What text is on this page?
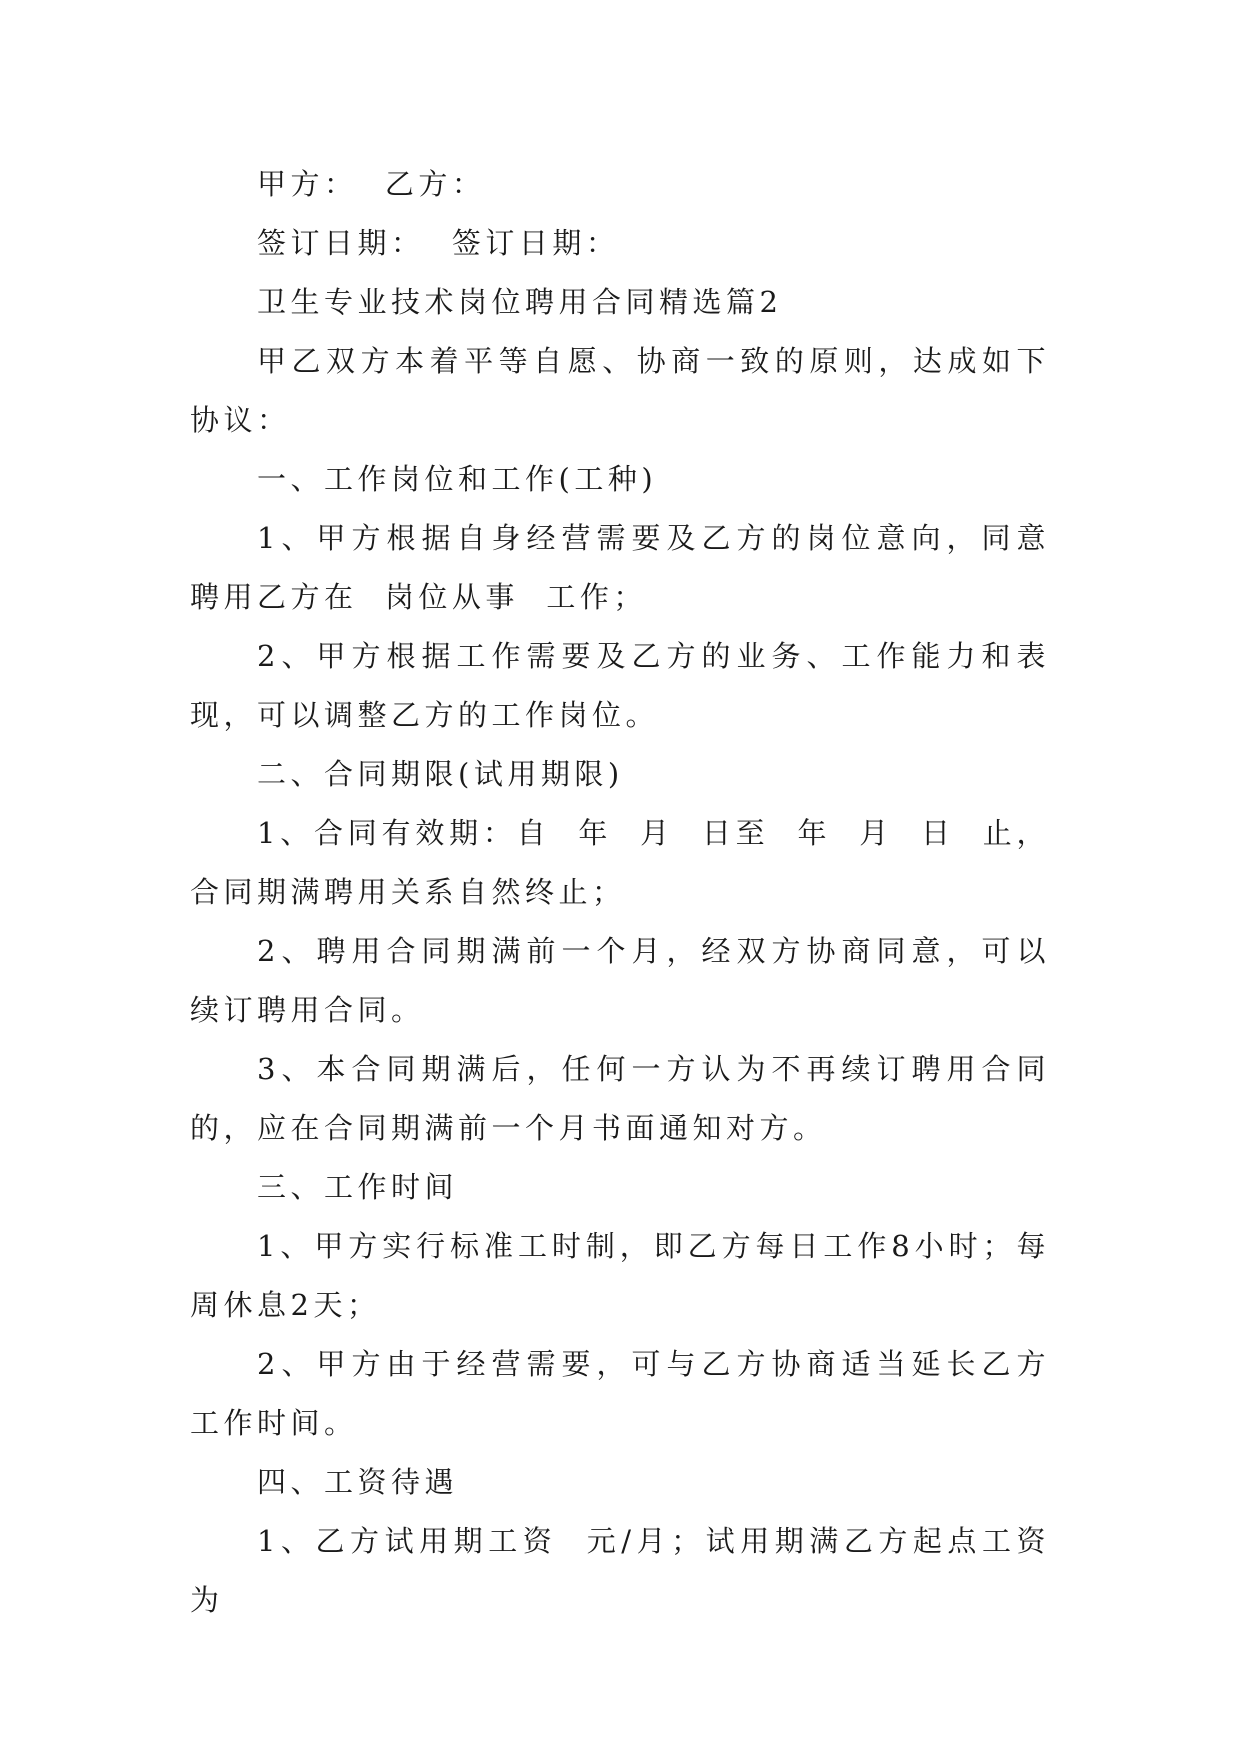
甲方：  乙方：

签订日期：  签订日期：

卫生专业技术岗位聘用合同精选篇2

甲乙双方本着平等自愿、协商一致的原则，达成如下协议：

一、工作岗位和工作(工种)

1、甲方根据自身经营需要及乙方的岗位意向，同意聘用乙方在  岗位从事  工作；

2、甲方根据工作需要及乙方的业务、工作能力和表现，可以调整乙方的工作岗位。

二、合同期限(试用期限)

1、合同有效期：自  年  月  日至  年  月  日  止，合同期满聘用关系自然终止；

2、聘用合同期满前一个月，经双方协商同意，可以续订聘用合同。

3、本合同期满后，任何一方认为不再续订聘用合同的，应在合同期满前一个月书面通知对方。

三、工作时间

1、甲方实行标准工时制，即乙方每日工作8小时；每周休息2天；

2、甲方由于经营需要，可与乙方协商适当延长乙方工作时间。

四、工资待遇

1、乙方试用期工资  元/月；试用期满乙方起点工资为
